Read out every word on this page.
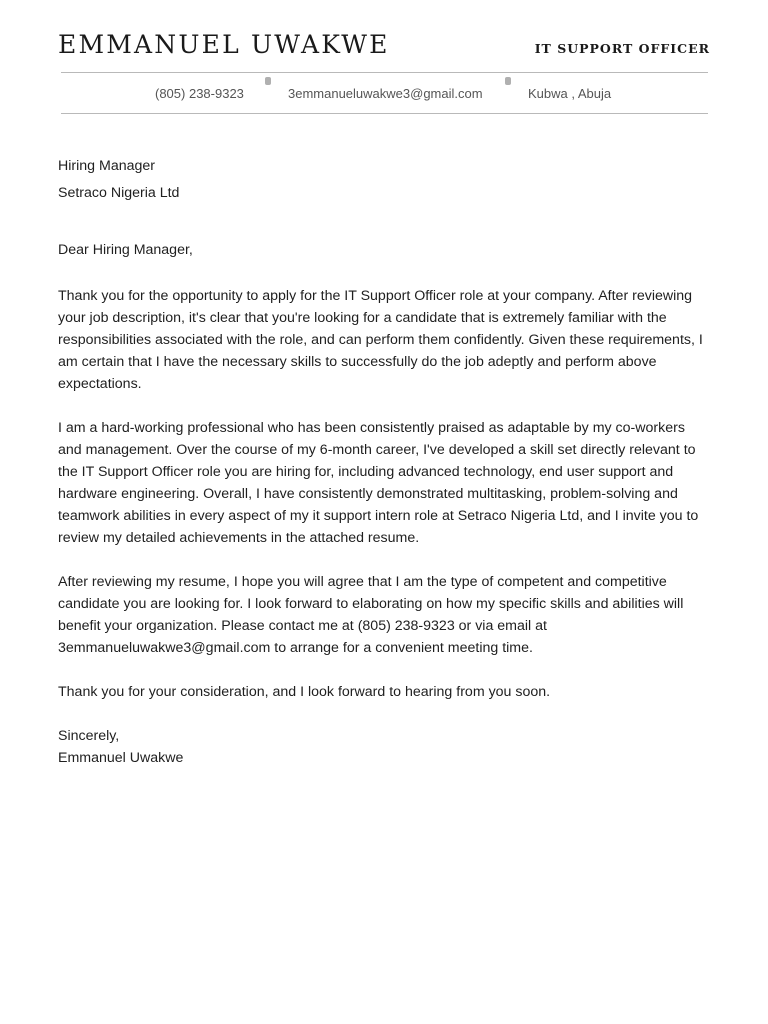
EMMANUEL UWAKWE	IT SUPPORT OFFICER
(805) 238-9323	3emmanueluwakwe3@gmail.com	Kubwa , Abuja

Hiring Manager

Setraco Nigeria Ltd

Dear Hiring Manager,

Thank you for the opportunity to apply for the IT Support Officer role at your company. After reviewing your job description, it's clear that you're looking for a candidate that is extremely familiar with the responsibilities associated with the role, and can perform them confidently. Given these requirements, I am certain that I have the necessary skills to successfully do the job adeptly and perform above expectations.

I am a hard-working professional who has been consistently praised as adaptable by my co-workers and management. Over the course of my 6-month career, I've developed a skill set directly relevant to the IT Support Officer role you are hiring for, including advanced technology, end user support and hardware engineering. Overall, I have consistently demonstrated multitasking, problem-solving and teamwork abilities in every aspect of my it support intern role at Setraco Nigeria Ltd, and I invite you to review my detailed achievements in the attached resume.

After reviewing my resume, I hope you will agree that I am the type of competent and competitive candidate you are looking for. I look forward to elaborating on how my specific skills and abilities will benefit your organization. Please contact me at (805) 238-9323 or via email at 3emmanueluwakwe3@gmail.com to arrange for a convenient meeting time.

Thank you for your consideration, and I look forward to hearing from you soon.

Sincerely,

Emmanuel Uwakwe
